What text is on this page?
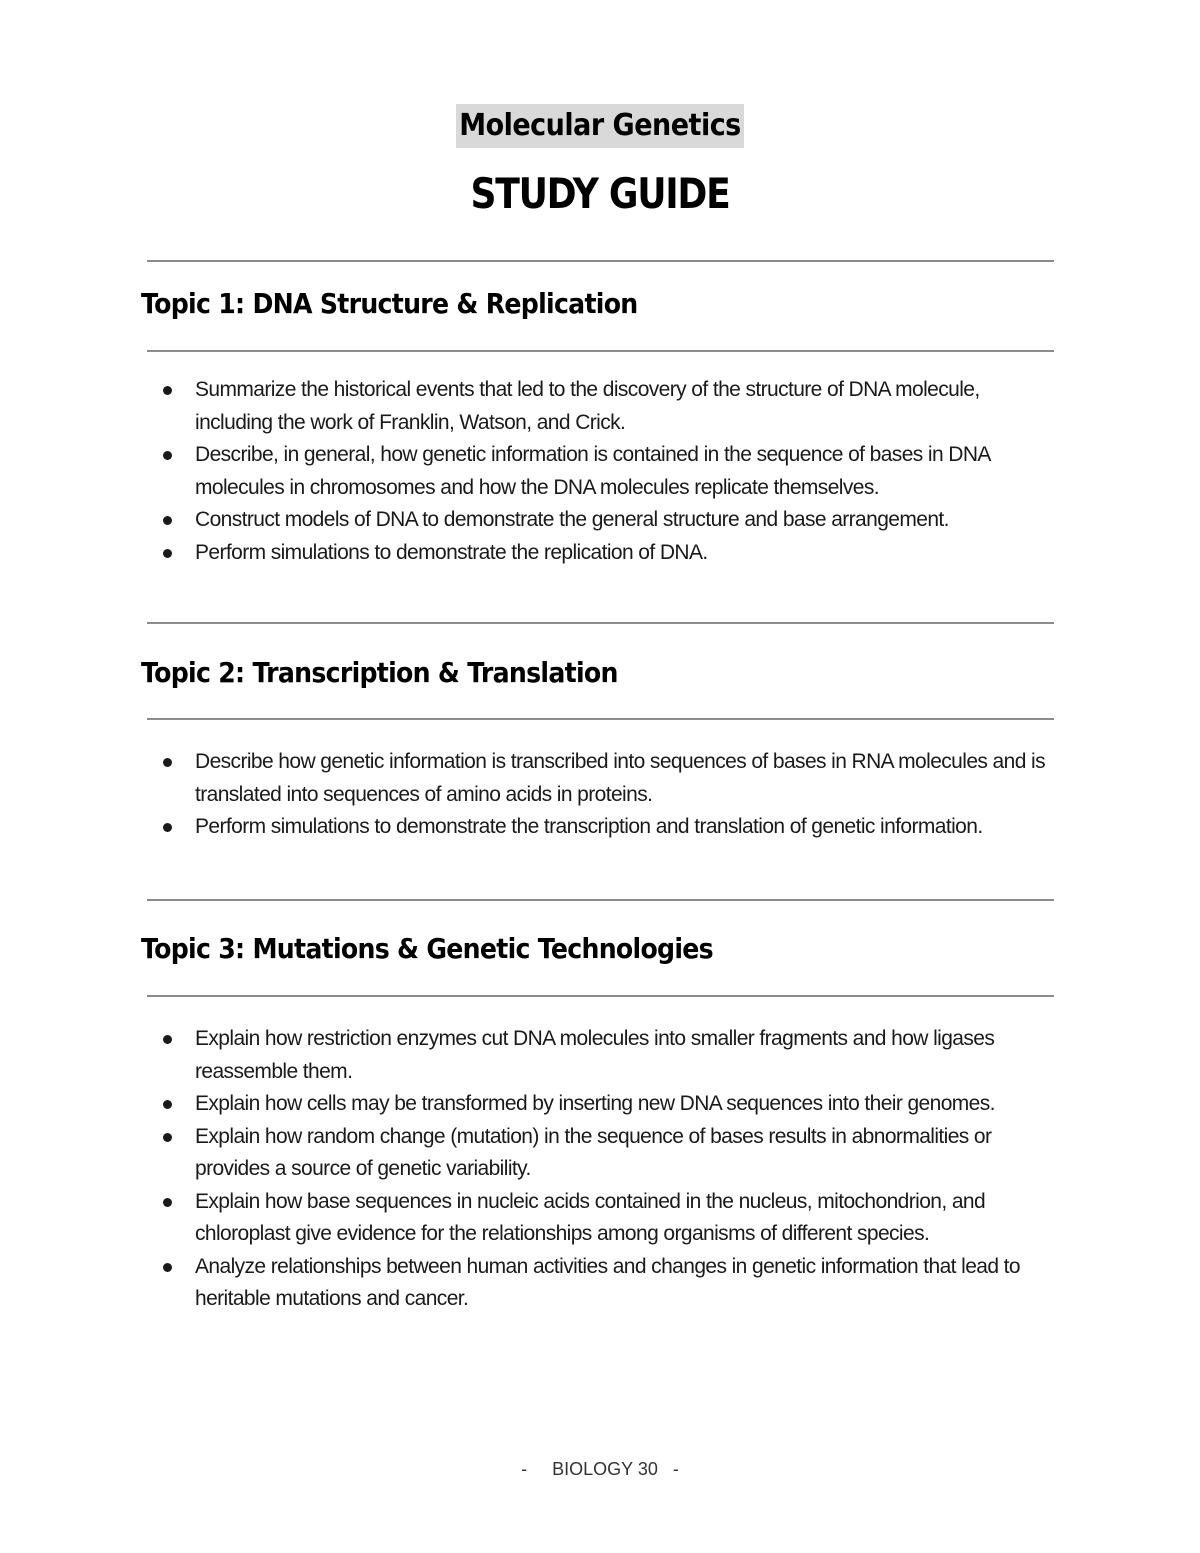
Molecular Genetics
STUDY GUIDE
Topic 1: DNA Structure & Replication
Summarize the historical events that led to the discovery of the structure of DNA molecule, including the work of Franklin, Watson, and Crick.
Describe, in general, how genetic information is contained in the sequence of bases in DNA molecules in chromosomes and how the DNA molecules replicate themselves.
Construct models of DNA to demonstrate the general structure and base arrangement.
Perform simulations to demonstrate the replication of DNA.
Topic 2: Transcription & Translation
Describe how genetic information is transcribed into sequences of bases in RNA molecules and is translated into sequences of amino acids in proteins.
Perform simulations to demonstrate the transcription and translation of genetic information.
Topic 3: Mutations & Genetic Technologies
Explain how restriction enzymes cut DNA molecules into smaller fragments and how ligases reassemble them.
Explain how cells may be transformed by inserting new DNA sequences into their genomes.
Explain how random change (mutation) in the sequence of bases results in abnormalities or provides a source of genetic variability.
Explain how base sequences in nucleic acids contained in the nucleus, mitochondrion, and chloroplast give evidence for the relationships among organisms of different species.
Analyze relationships between human activities and changes in genetic information that lead to heritable mutations and cancer.
-     BIOLOGY 30   -
